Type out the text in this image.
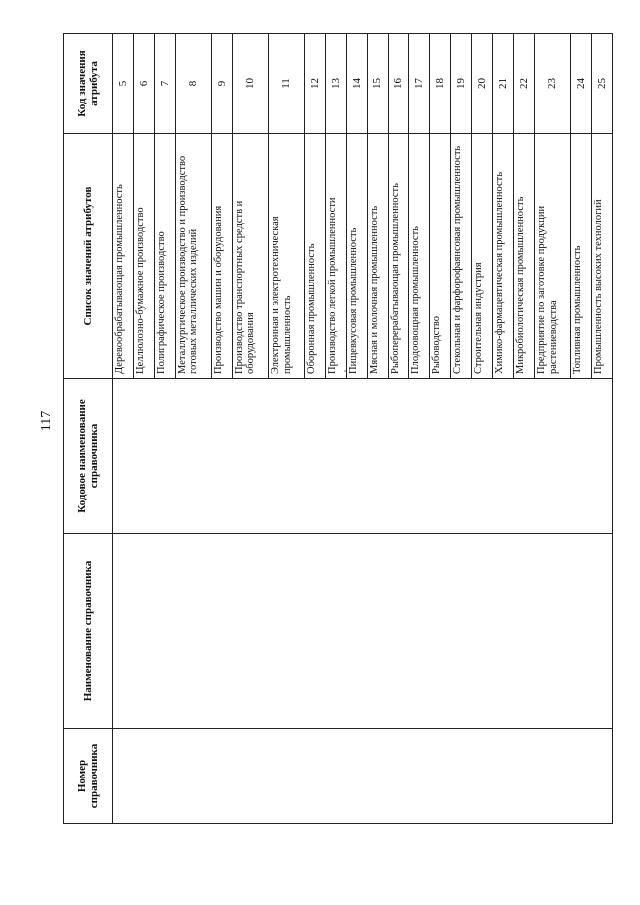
117
Номер справочника	Наименование справочника	Кодовое наименование справочника	Список значений атрибутов	Код значения атрибута
			Деревообрабатывающая промышленность	5
			Целлюлозно-бумажное производство	6
			Полиграфическое производство	7
			Металлургическое производство и производство готовых металлических изделий	8
			Производство машин и оборудования	9
			Производство транспортных средств и оборудования	10
			Электронная и электротехническая промышленность	11
			Оборонная промышленность	12
			Производство легкой промышленности	13
			Пищевкусовая промышленность	14
			Мясная и молочная промышленность	15
			Рыбоперерабатывающая промышленность	16
			Плодоовощная промышленность	17
			Рыбоводство	18
			Стекольная и фарфорофаянсовая промышленность	19
			Строительная индустрия	20
			Химико-фармацевтическая промышленность	21
			Микробиологическая промышленность	22
			Предприятие по заготовке продукции растениеводства	23
			Топливная промышленность	24
			Промышленность высоких технологий	25
